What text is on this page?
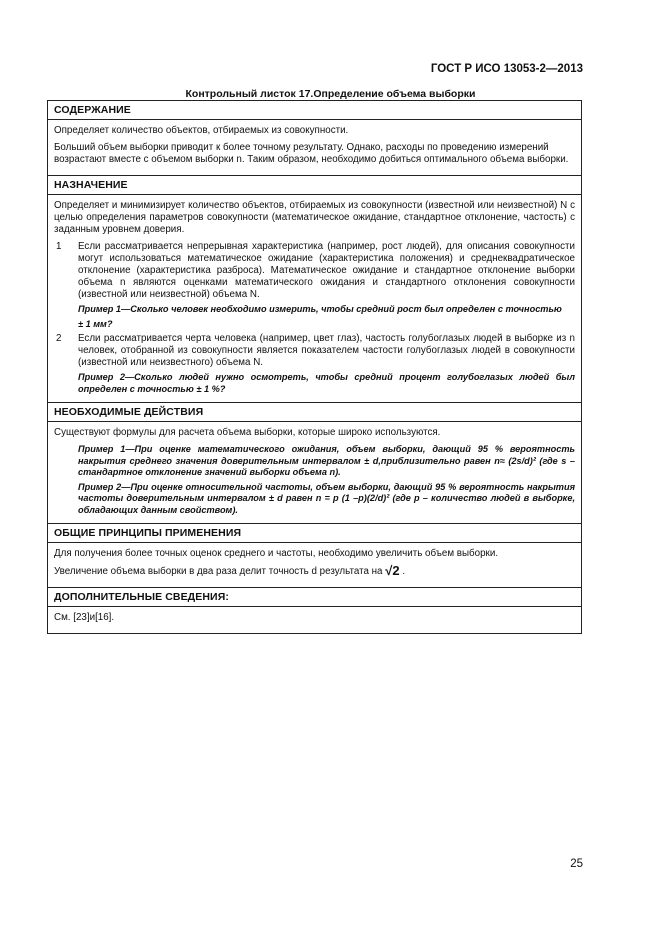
ГОСТ Р ИСО 13053-2—2013
Контрольный листок 17.Определение объема выборки
СОДЕРЖАНИЕ
Определяет количество объектов, отбираемых из совокупности.
Больший объем выборки приводит к более точному результату. Однако, расходы по проведению измерений возрастают вместе с объемом выборки n. Таким образом, необходимо добиться оптимального объема выборки.
НАЗНАЧЕНИЕ
Определяет и минимизирует количество объектов, отбираемых из совокупности (известной или неизвестной) N с целью определения параметров совокупности (математическое ожидание, стандартное отклонение, частость) с заданным уровнем доверия.
1	Если рассматривается непрерывная характеристика (например, рост людей), для описания совокупности могут использоваться математическое ожидание (характеристика положения) и среднеквадратическое отклонение (характеристика разброса). Математическое ожидание и стандартное отклонение выборки объема n являются оценками математического ожидания и стандартного отклонения совокупности (известной или неизвестной) объема N.
Пример 1—Сколько человек необходимо измерить, чтобы средний рост был определен с точностью
± 1 мм?
2	Если рассматривается черта человека (например, цвет глаз), частость голубоглазых людей в выборке из n человек, отобранной из совокупности является показателем частости голубоглазых людей в совокупности (известной или неизвестного) объема N.
Пример 2—Сколько людей нужно осмотреть, чтобы средний процент голубоглазых людей был определен с точностью ± 1 %?
НЕОБХОДИМЫЕ ДЕЙСТВИЯ
Существуют формулы для расчета объема выборки, которые широко используются.
Пример 1—При оценке математического ожидания, объем выборки, дающий 95 % вероятность накрытия среднего значения доверительным интервалом ± d,приблизительно равен n≈ (2s/d)² (где s –стандартное отклонение значений выборки объема n).
Пример 2—При оценке относительной частоты, объем выборки, дающий 95 % вероятность накрытия частоты доверительным интервалом ± d равен n = p (1 –p)(2/d)² (где p – количество людей в выборке, обладающих данным свойством).
ОБЩИЕ ПРИНЦИПЫ ПРИМЕНЕНИЯ
Для получения более точных оценок среднего и частоты, необходимо увеличить объем выборки.
Увеличение объема выборки в два раза делит точность d результата на √2 .
ДОПОЛНИТЕЛЬНЫЕ СВЕДЕНИЯ:
См. [23]и[16].
25
